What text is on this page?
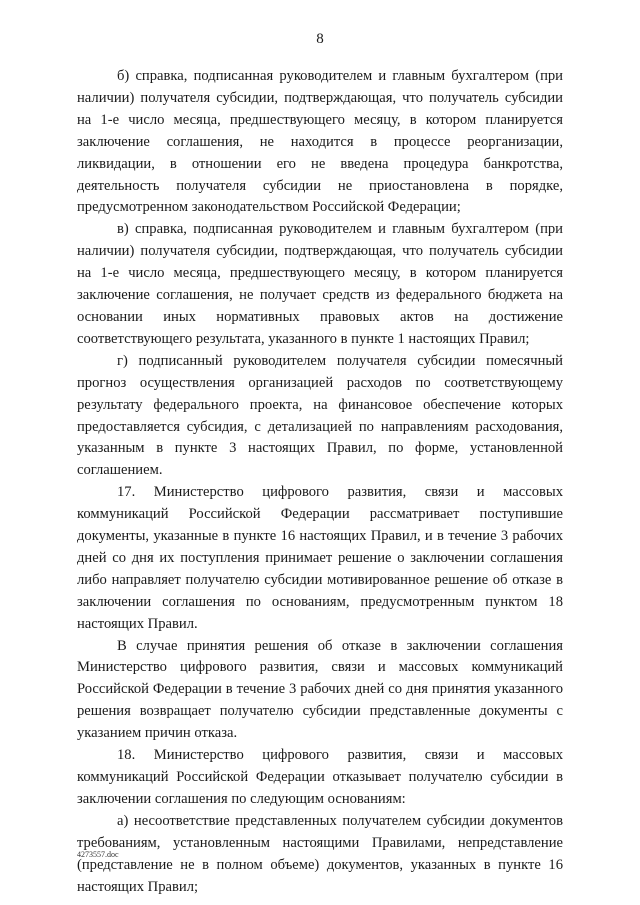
8

б) справка, подписанная руководителем и главным бухгалтером (при наличии) получателя субсидии, подтверждающая, что получатель субсидии на 1-е число месяца, предшествующего месяцу, в котором планируется заключение соглашения, не находится в процессе реорганизации, ликвидации, в отношении его не введена процедура банкротства, деятельность получателя субсидии не приостановлена в порядке, предусмотренном законодательством Российской Федерации;

в) справка, подписанная руководителем и главным бухгалтером (при наличии) получателя субсидии, подтверждающая, что получатель субсидии на 1-е число месяца, предшествующего месяцу, в котором планируется заключение соглашения, не получает средств из федерального бюджета на основании иных нормативных правовых актов на достижение соответствующего результата, указанного в пункте 1 настоящих Правил;

г) подписанный руководителем получателя субсидии помесячный прогноз осуществления организацией расходов по соответствующему результату федерального проекта, на финансовое обеспечение которых предоставляется субсидия, с детализацией по направлениям расходования, указанным в пункте 3 настоящих Правил, по форме, установленной соглашением.

17. Министерство цифрового развития, связи и массовых коммуникаций Российской Федерации рассматривает поступившие документы, указанные в пункте 16 настоящих Правил, и в течение 3 рабочих дней со дня их поступления принимает решение о заключении соглашения либо направляет получателю субсидии мотивированное решение об отказе в заключении соглашения по основаниям, предусмотренным пунктом 18 настоящих Правил.

В случае принятия решения об отказе в заключении соглашения Министерство цифрового развития, связи и массовых коммуникаций Российской Федерации в течение 3 рабочих дней со дня принятия указанного решения возвращает получателю субсидии представленные документы с указанием причин отказа.

18. Министерство цифрового развития, связи и массовых коммуникаций Российской Федерации отказывает получателю субсидии в заключении соглашения по следующим основаниям:

а) несоответствие представленных получателем субсидии документов требованиям, установленным настоящими Правилами, непредставление (представление не в полном объеме) документов, указанных в пункте 16 настоящих Правил;

4273557.doc
